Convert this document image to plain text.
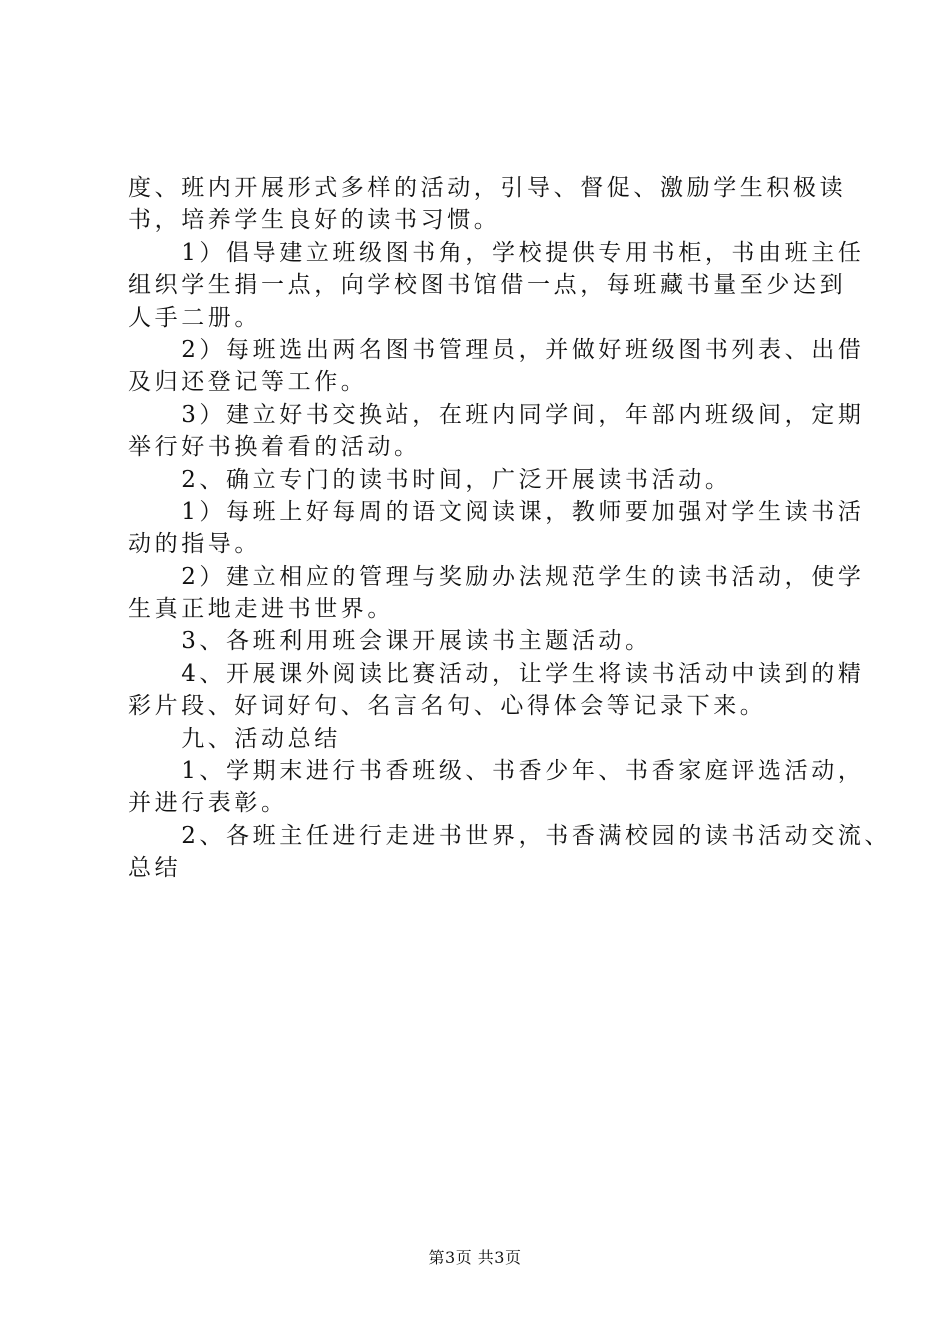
度、班内开展形式多样的活动，引导、督促、激励学生积极读
书，培养学生良好的读书习惯。
　　1）倡导建立班级图书角，学校提供专用书柜，书由班主任
组织学生捐一点，向学校图书馆借一点，每班藏书量至少达到
人手二册。
　　2）每班选出两名图书管理员，并做好班级图书列表、出借
及归还登记等工作。
　　3）建立好书交换站，在班内同学间，年部内班级间，定期
举行好书换着看的活动。
　　2、确立专门的读书时间，广泛开展读书活动。
　　1）每班上好每周的语文阅读课，教师要加强对学生读书活
动的指导。
　　2）建立相应的管理与奖励办法规范学生的读书活动，使学
生真正地走进书世界。
　　3、各班利用班会课开展读书主题活动。
　　4、开展课外阅读比赛活动，让学生将读书活动中读到的精
彩片段、好词好句、名言名句、心得体会等记录下来。
　　九、活动总结
　　1、学期末进行书香班级、书香少年、书香家庭评选活动，
并进行表彰。
　　2、各班主任进行走进书世界，书香满校园的读书活动交流、
总结
第3页 共3页
